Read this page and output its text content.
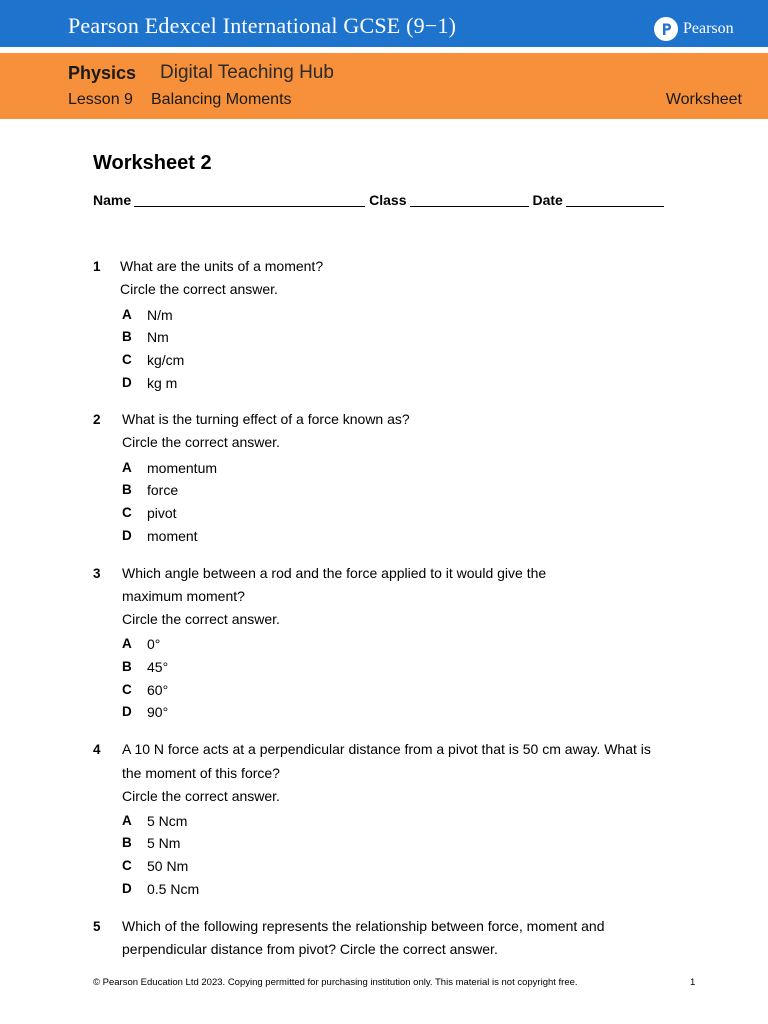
Pearson Edexcel International GCSE (9−1)	Pearson
Physics Digital Teaching Hub
Lesson 9 Balancing Moments	Worksheet
Worksheet 2
Name	Class	Date
1 What are the units of a moment?
Circle the correct answer.
A N/m
B Nm
C kg/cm
D kg m
2 What is the turning effect of a force known as?
Circle the correct answer.
A momentum
B force
C pivot
D moment
3 Which angle between a rod and the force applied to it would give the
maximum moment?
Circle the correct answer.
A 0°
B 45°
C 60°
D 90°
4 A 10 N force acts at a perpendicular distance from a pivot that is 50 cm away. What is
the moment of this force?
Circle the correct answer.
A 5 Ncm
B 5 Nm
C 50 Nm
D 0.5 Ncm
5 Which of the following represents the relationship between force, moment and
perpendicular distance from pivot? Circle the correct answer.
© Pearson Education Ltd 2023. Copying permitted for purchasing institution only. This material is not copyright free.	1
